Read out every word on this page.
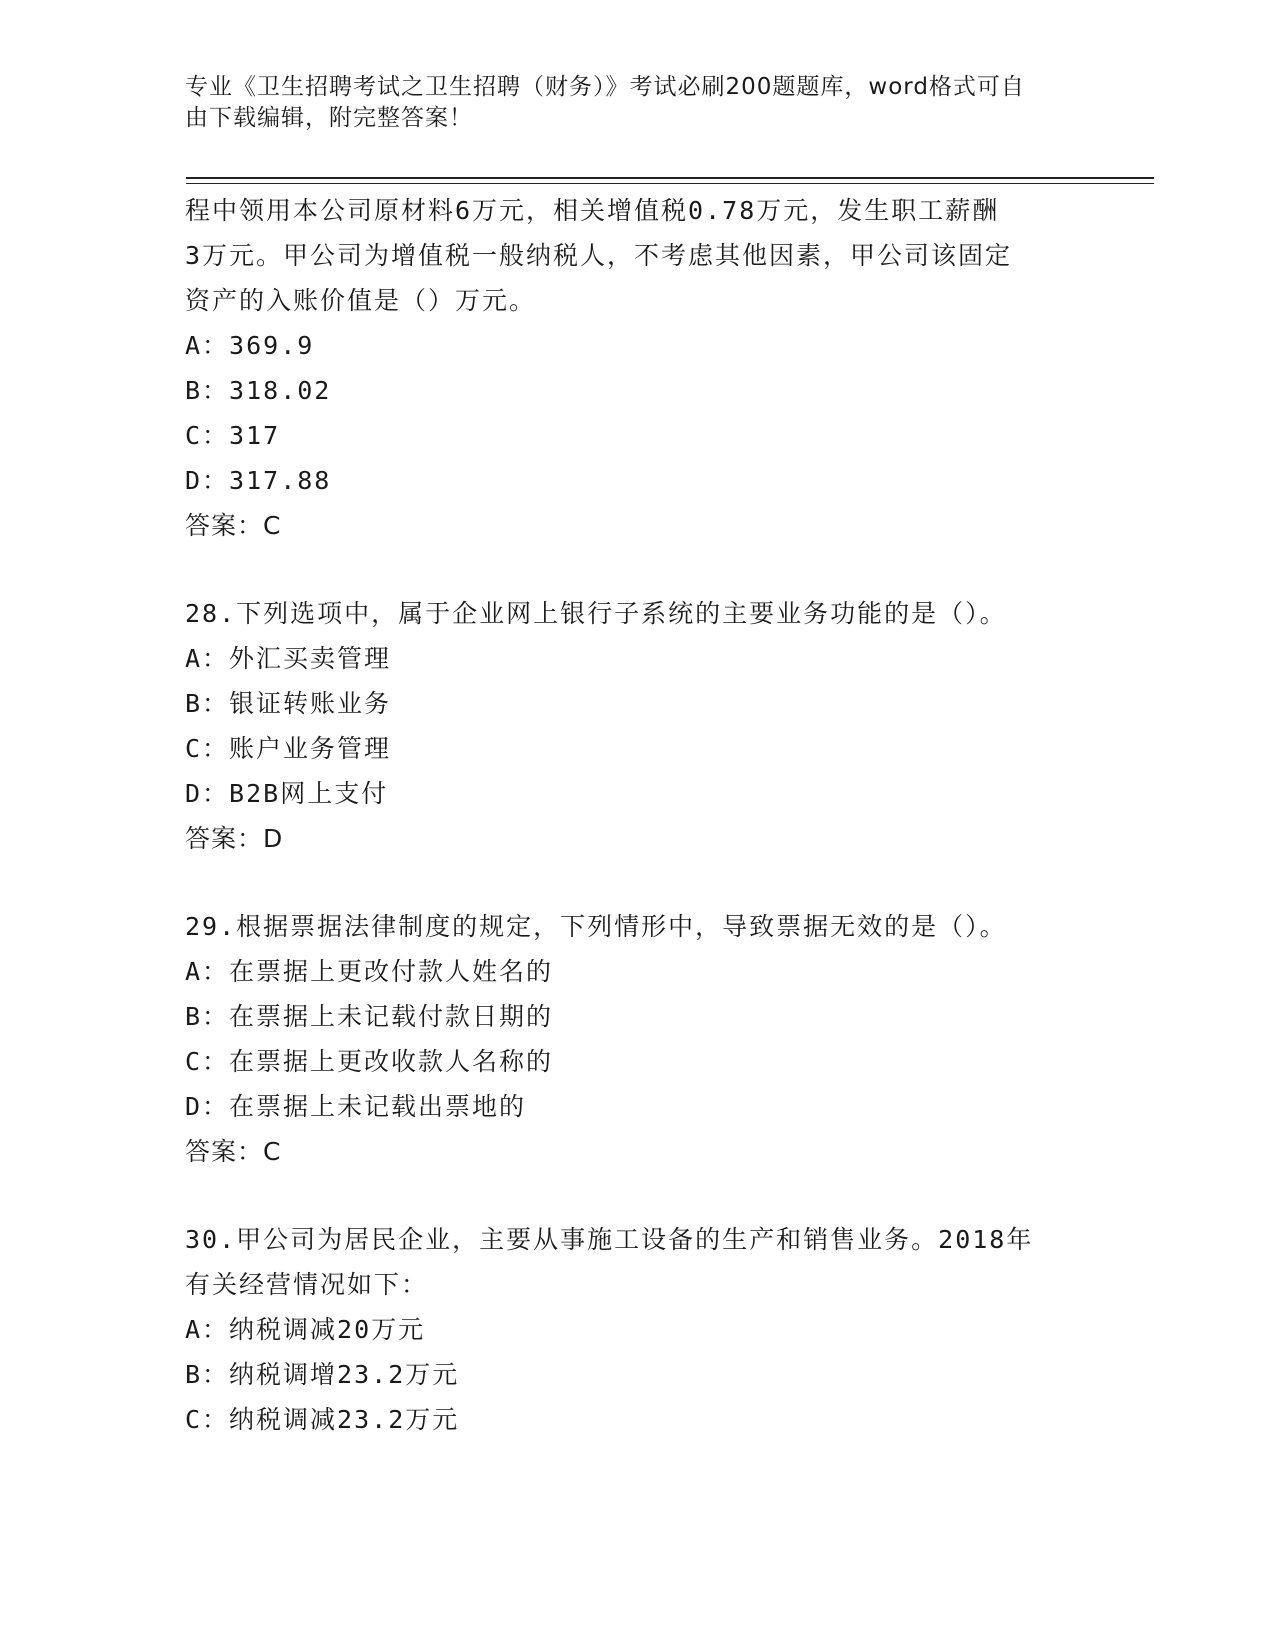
专业《卫生招聘考试之卫生招聘（财务）》考试必刷200题题库，word格式可自
由下载编辑，附完整答案！
程中领用本公司原材料6万元，相关增值税0.78万元，发生职工薪酬
3万元。甲公司为增值税一般纳税人，不考虑其他因素，甲公司该固定
资产的入账价值是（）万元。
A：369.9
B：318.02
C：317
D：317.88
答案：C
28.下列选项中，属于企业网上银行子系统的主要业务功能的是（）。
A：外汇买卖管理
B：银证转账业务
C：账户业务管理
D：B2B网上支付
答案：D
29.根据票据法律制度的规定，下列情形中，导致票据无效的是（）。
A：在票据上更改付款人姓名的
B：在票据上未记载付款日期的
C：在票据上更改收款人名称的
D：在票据上未记载出票地的
答案：C
30.甲公司为居民企业，主要从事施工设备的生产和销售业务。2018年
有关经营情况如下：
A：纳税调减20万元
B：纳税调增23.2万元
C：纳税调减23.2万元
